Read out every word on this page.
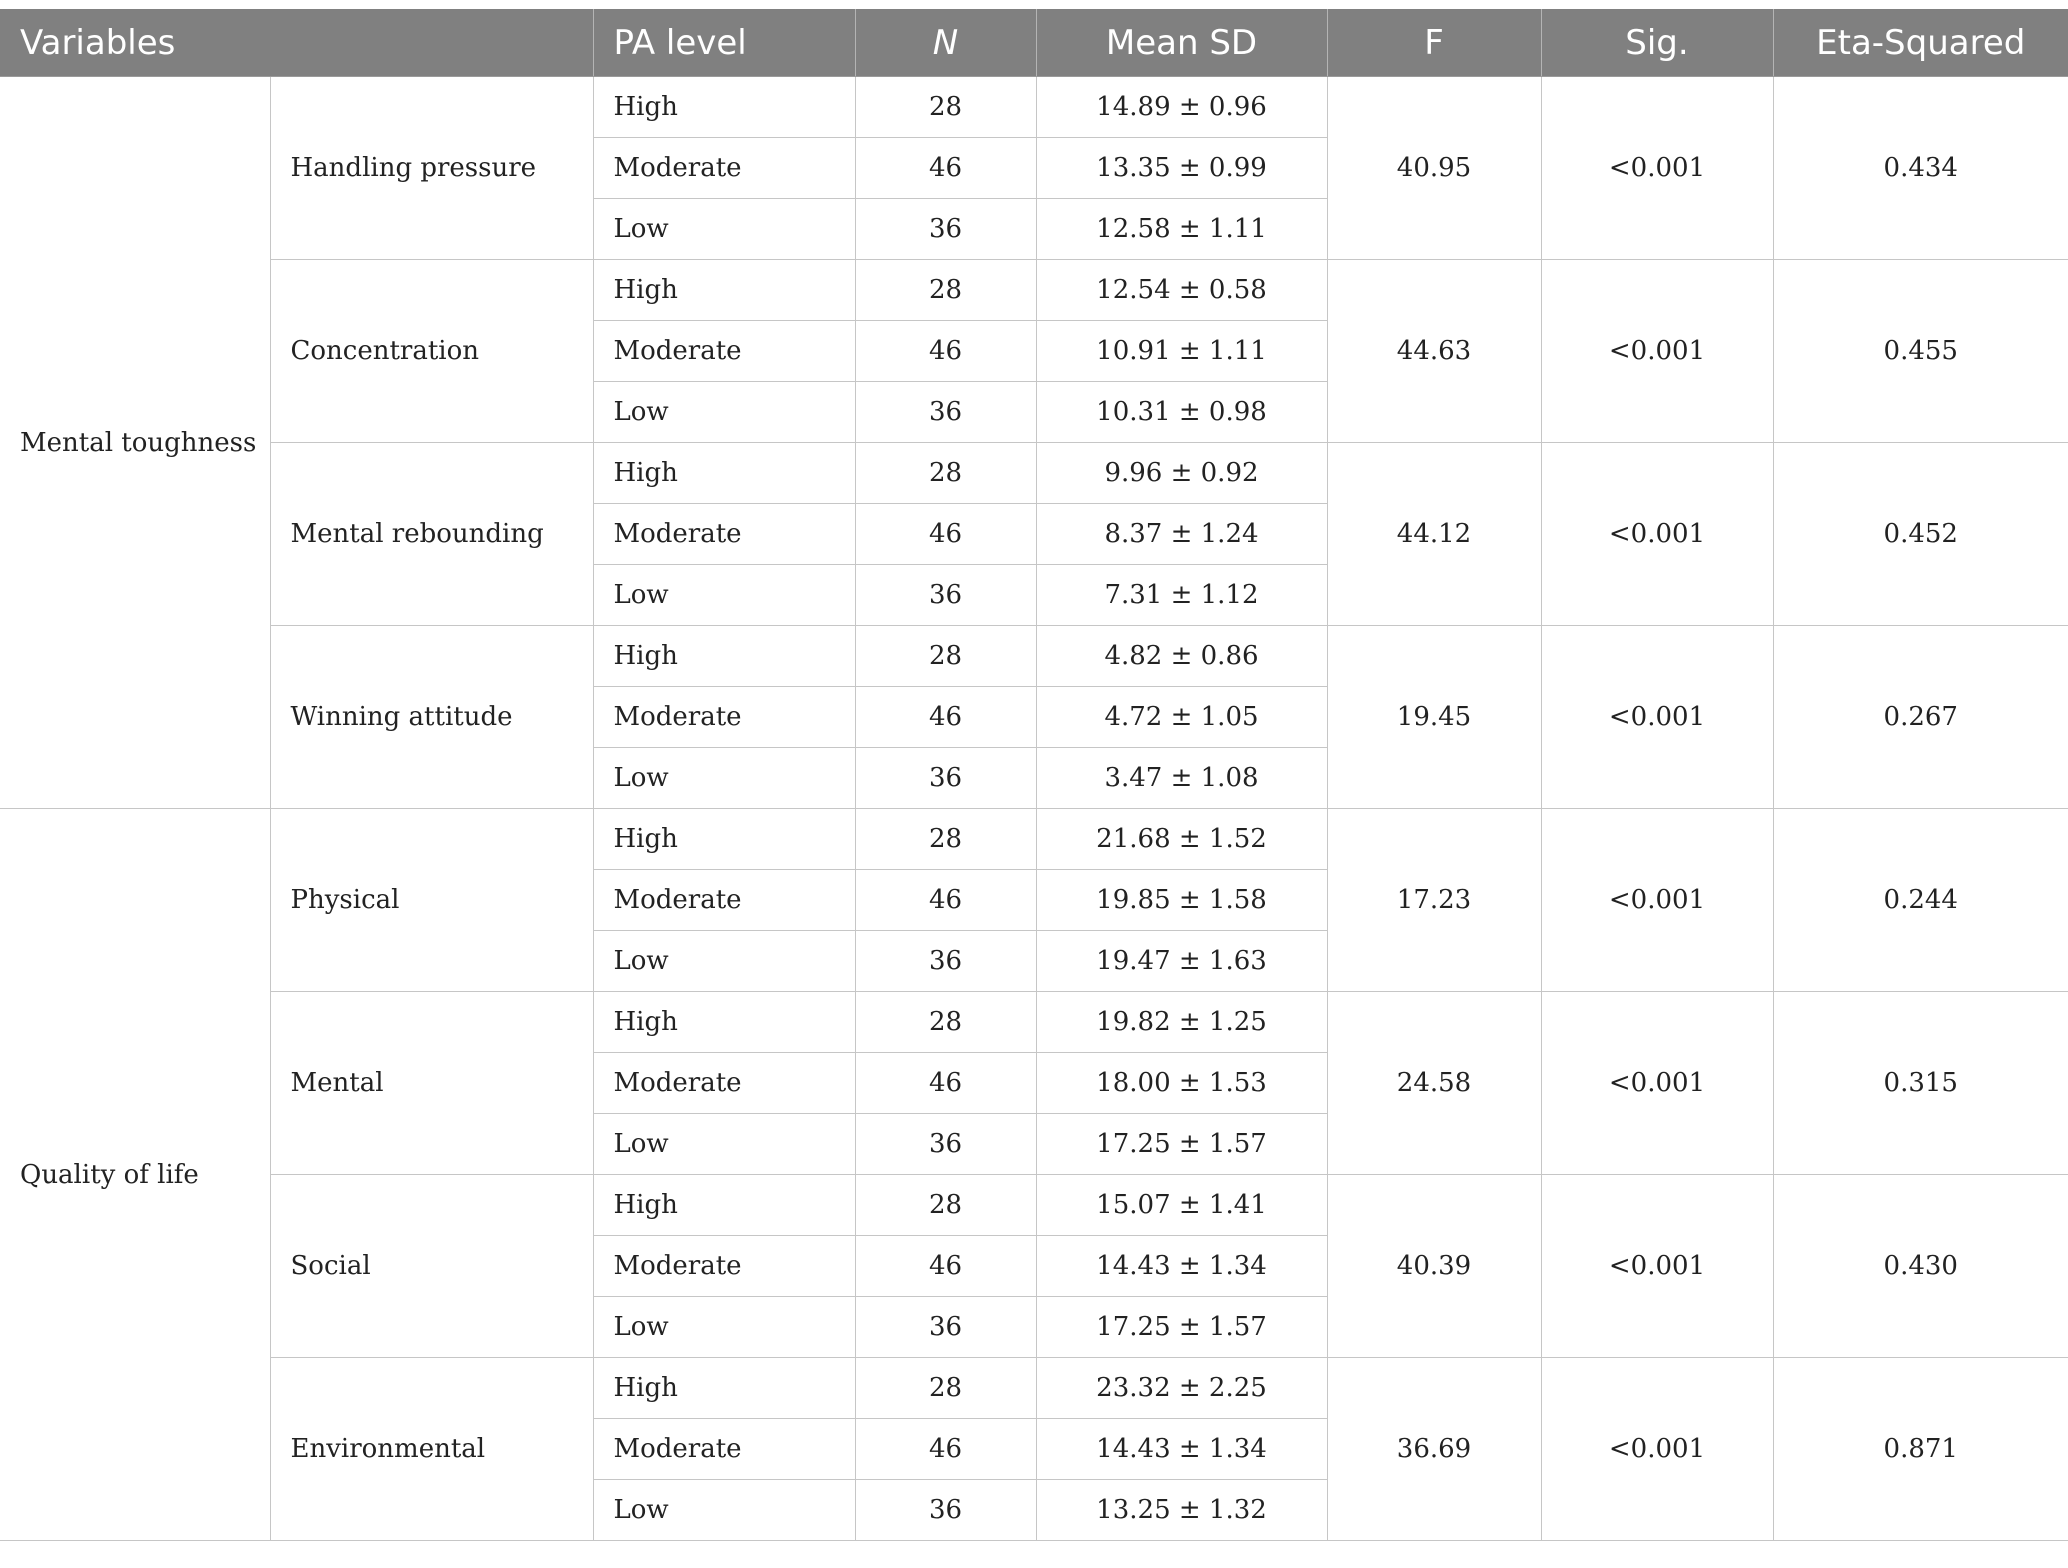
Variables		PA level	N	Mean SD	F	Sig.	Eta-Squared
Mental toughness	Handling pressure	High	28	14.89 ± 0.96	40.95	<0.001	0.434
		Moderate	46	13.35 ± 0.99			
		Low	36	12.58 ± 1.11			
	Concentration	High	28	12.54 ± 0.58	44.63	<0.001	0.455
		Moderate	46	10.91 ± 1.11			
		Low	36	10.31 ± 0.98			
	Mental rebounding	High	28	9.96 ± 0.92	44.12	<0.001	0.452
		Moderate	46	8.37 ± 1.24			
		Low	36	7.31 ± 1.12			
	Winning attitude	High	28	4.82 ± 0.86	19.45	<0.001	0.267
		Moderate	46	4.72 ± 1.05			
		Low	36	3.47 ± 1.08			
Quality of life	Physical	High	28	21.68 ± 1.52	17.23	<0.001	0.244
		Moderate	46	19.85 ± 1.58			
		Low	36	19.47 ± 1.63			
	Mental	High	28	19.82 ± 1.25	24.58	<0.001	0.315
		Moderate	46	18.00 ± 1.53			
		Low	36	17.25 ± 1.57			
	Social	High	28	15.07 ± 1.41	40.39	<0.001	0.430
		Moderate	46	14.43 ± 1.34			
		Low	36	17.25 ± 1.57			
	Environmental	High	28	23.32 ± 2.25	36.69	<0.001	0.871
		Moderate	46	14.43 ± 1.34			
		Low	36	13.25 ± 1.32			
